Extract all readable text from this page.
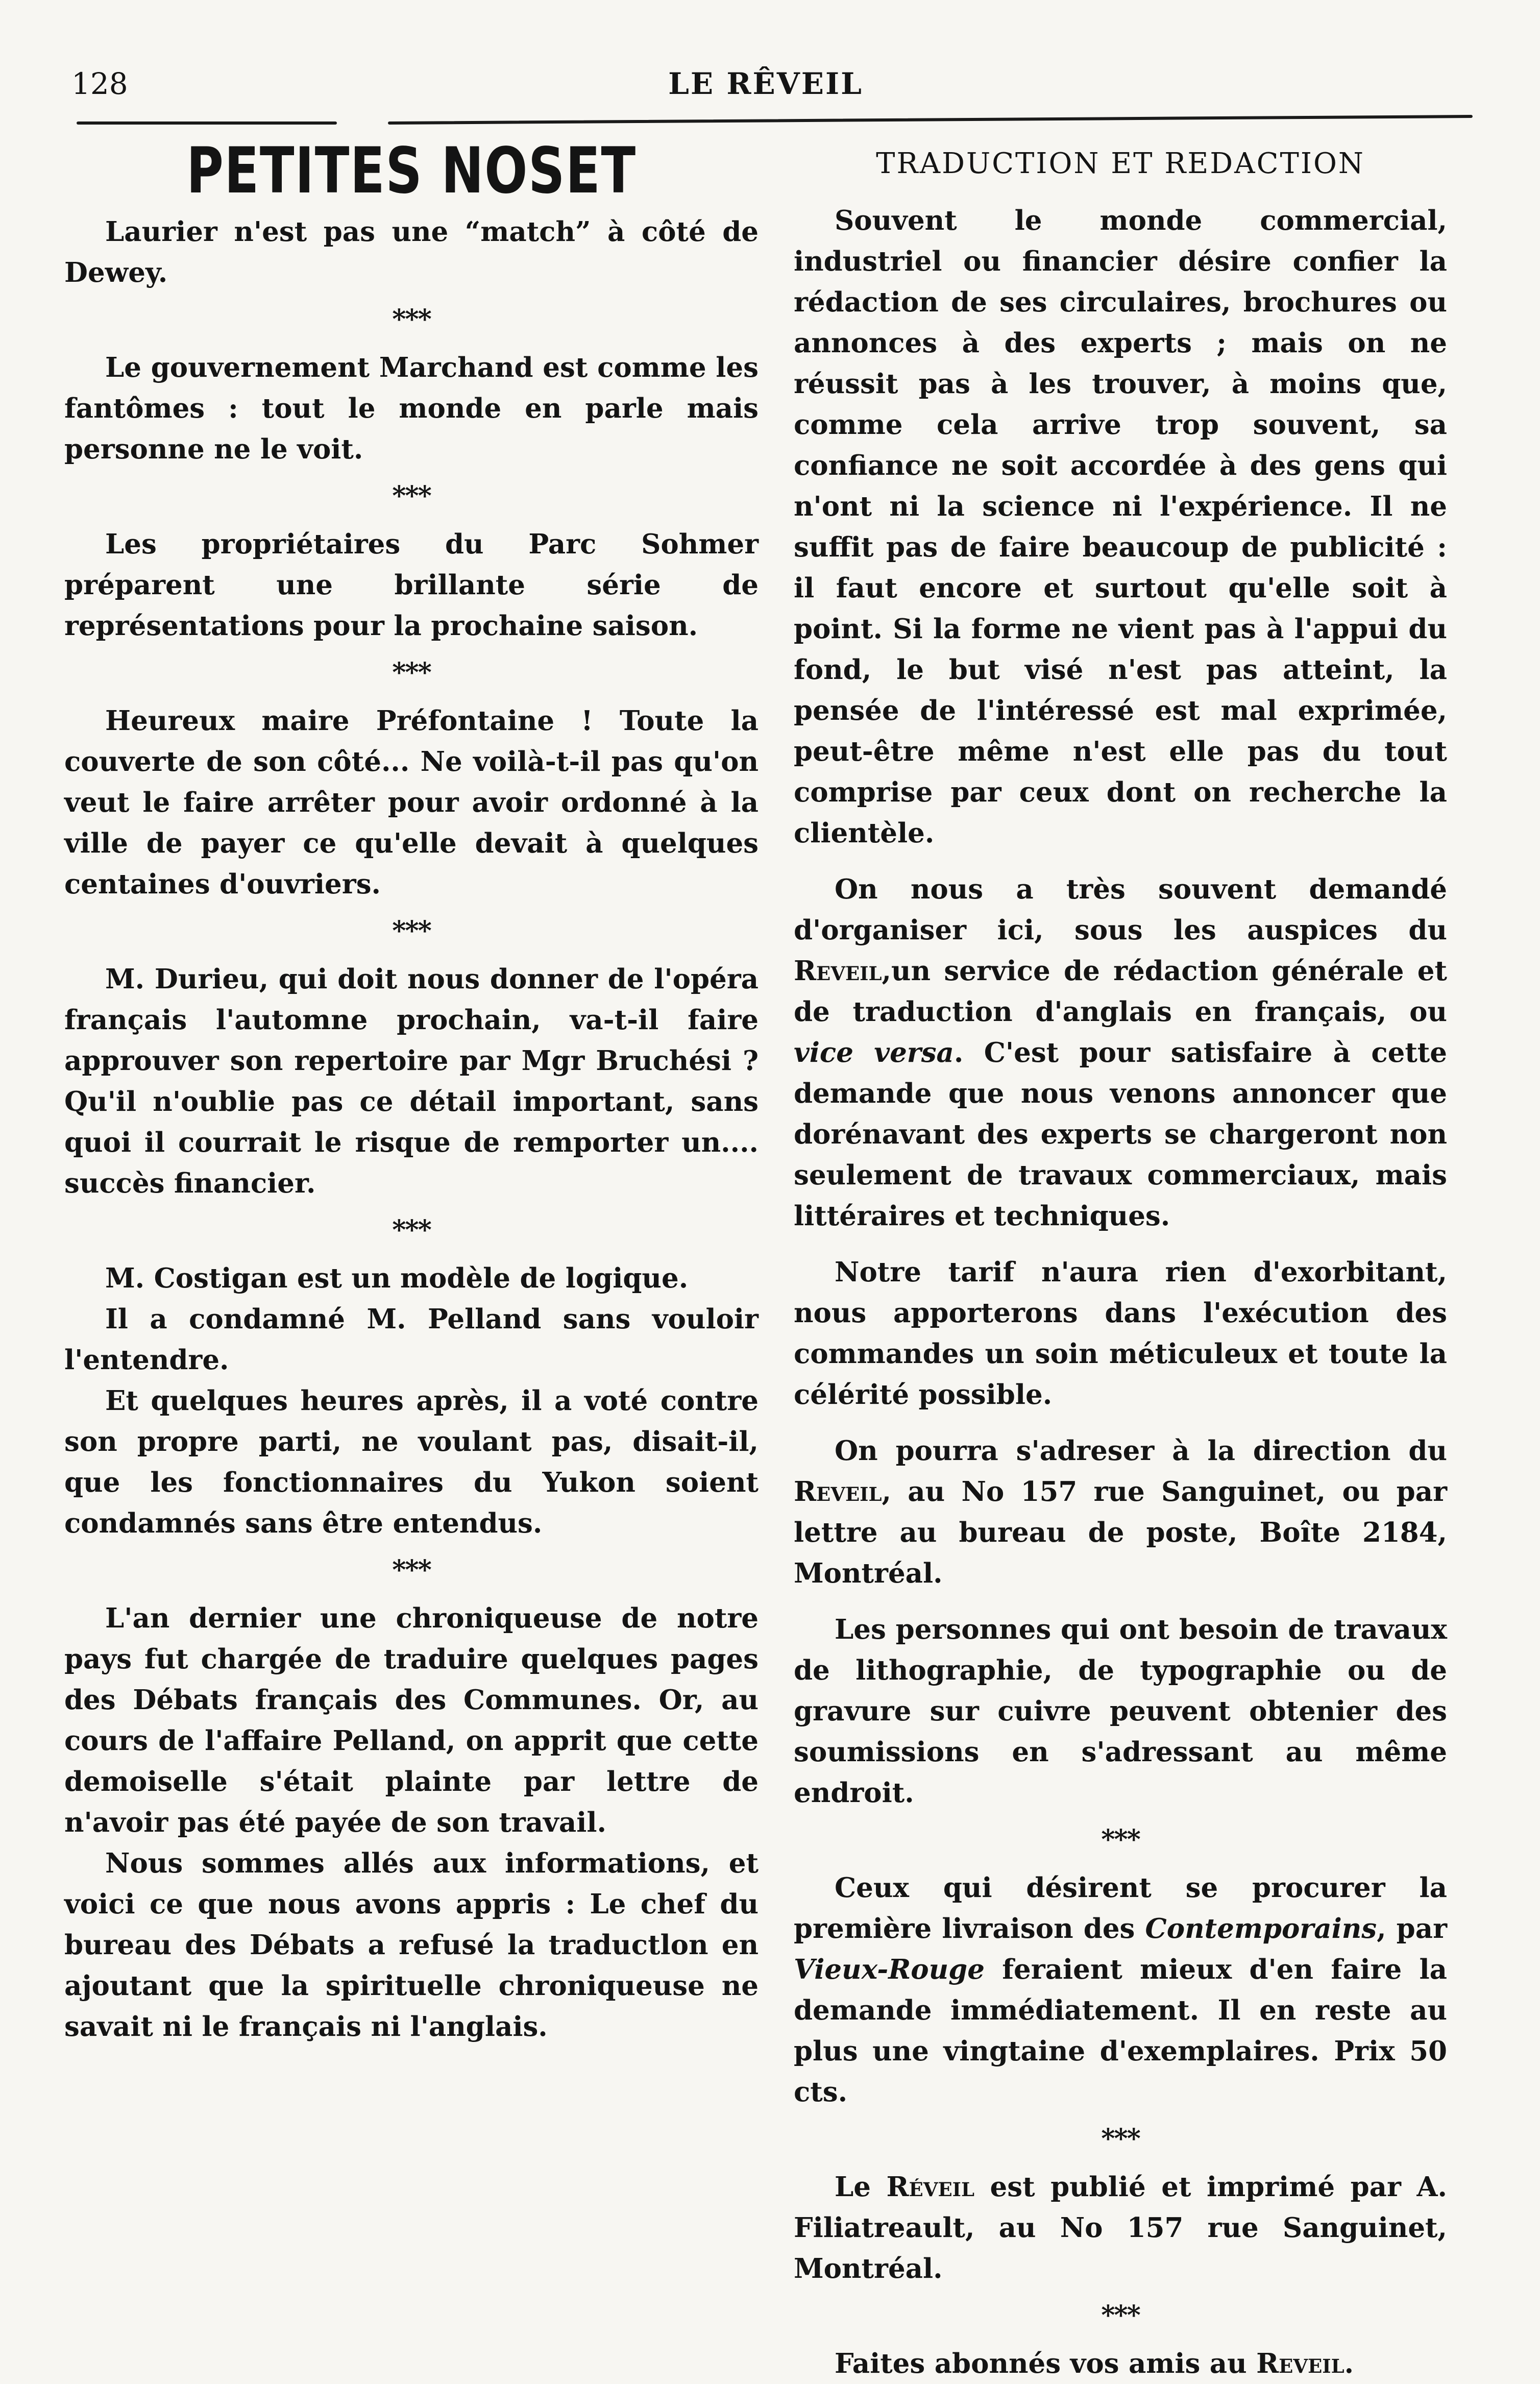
128	LE RÊVEIL
PETITES NOSET

Laurier n'est pas une “match” à côté de Dewey.

***

Le gouvernement Marchand est comme les fantômes : tout le monde en parle mais personne ne le voit.

***

Les propriétaires du Parc Sohmer préparent une brillante série de représentations pour la prochaine saison.

***

Heureux maire Préfontaine ! Toute la couverte de son côté... Ne voilà-t-il pas qu'on veut le faire arrêter pour avoir ordonné à la ville de payer ce qu'elle devait à quelques centaines d'ouvriers.

***

M. Durieu, qui doit nous donner de l'opéra français l'automne prochain, va-t-il faire approuver son repertoire par Mgr Bruchési ? Qu'il n'oublie pas ce détail important, sans quoi il courrait le risque de remporter un.... succès financier.

***

M. Costigan est un modèle de logique.

Il a condamné M. Pelland sans vouloir l'entendre.

Et quelques heures après, il a voté contre son propre parti, ne voulant pas, disait-il, que les fonctionnaires du Yukon soient condamnés sans être entendus.

***

L'an dernier une chroniqueuse de notre pays fut chargée de traduire quelques pages des Débats français des Communes. Or, au cours de l'affaire Pelland, on apprit que cette demoiselle s'était plainte par lettre de n'avoir pas été payée de son travail.

Nous sommes allés aux informations, et voici ce que nous avons appris : Le chef du bureau des Débats a refusé la traductlon en ajoutant que la spirituelle chroniqueuse ne savait ni le français ni l'anglais.

TRADUCTION ET REDACTION

Souvent le monde commercial, industriel ou financier désire confier la rédaction de ses circulaires, brochures ou annonces à des experts ; mais on ne réussit pas à les trouver, à moins que, comme cela arrive trop souvent, sa confiance ne soit accordée à des gens qui n'ont ni la science ni l'expérience. Il ne suffit pas de faire beaucoup de publicité : il faut encore et surtout qu'elle soit à point. Si la forme ne vient pas à l'appui du fond, le but visé n'est pas atteint, la pensée de l'intéressé est mal exprimée, peut-être même n'est elle pas du tout comprise par ceux dont on recherche la clientèle.

On nous a très souvent demandé d'organiser ici, sous les auspices du Reveil,un service de rédaction générale et de traduction d'anglais en français, ou vice versa. C'est pour satisfaire à cette demande que nous venons annoncer que dorénavant des experts se chargeront non seulement de travaux commerciaux, mais littéraires et techniques.

Notre tarif n'aura rien d'exorbitant, nous apporterons dans l'exécution des commandes un soin méticuleux et toute la célérité possible.

On pourra s'adreser à la direction du Reveil, au No 157 rue Sanguinet, ou par lettre au bureau de poste, Boîte 2184, Montréal.

Les personnes qui ont besoin de travaux de lithographie, de typographie ou de gravure sur cuivre peuvent obtenier des soumissions en s'adressant au même endroit.

***

Ceux qui désirent se procurer la première livraison des Contemporains, par Vieux-Rouge feraient mieux d'en faire la demande immédiatement. Il en reste au plus une vingtaine d'exemplaires. Prix 50 cts.

***

Le Réveil est publié et imprimé par A. Filiatreault, au No 157 rue Sanguinet, Montréal.

***

Faites abonnés vos amis au Reveil.
